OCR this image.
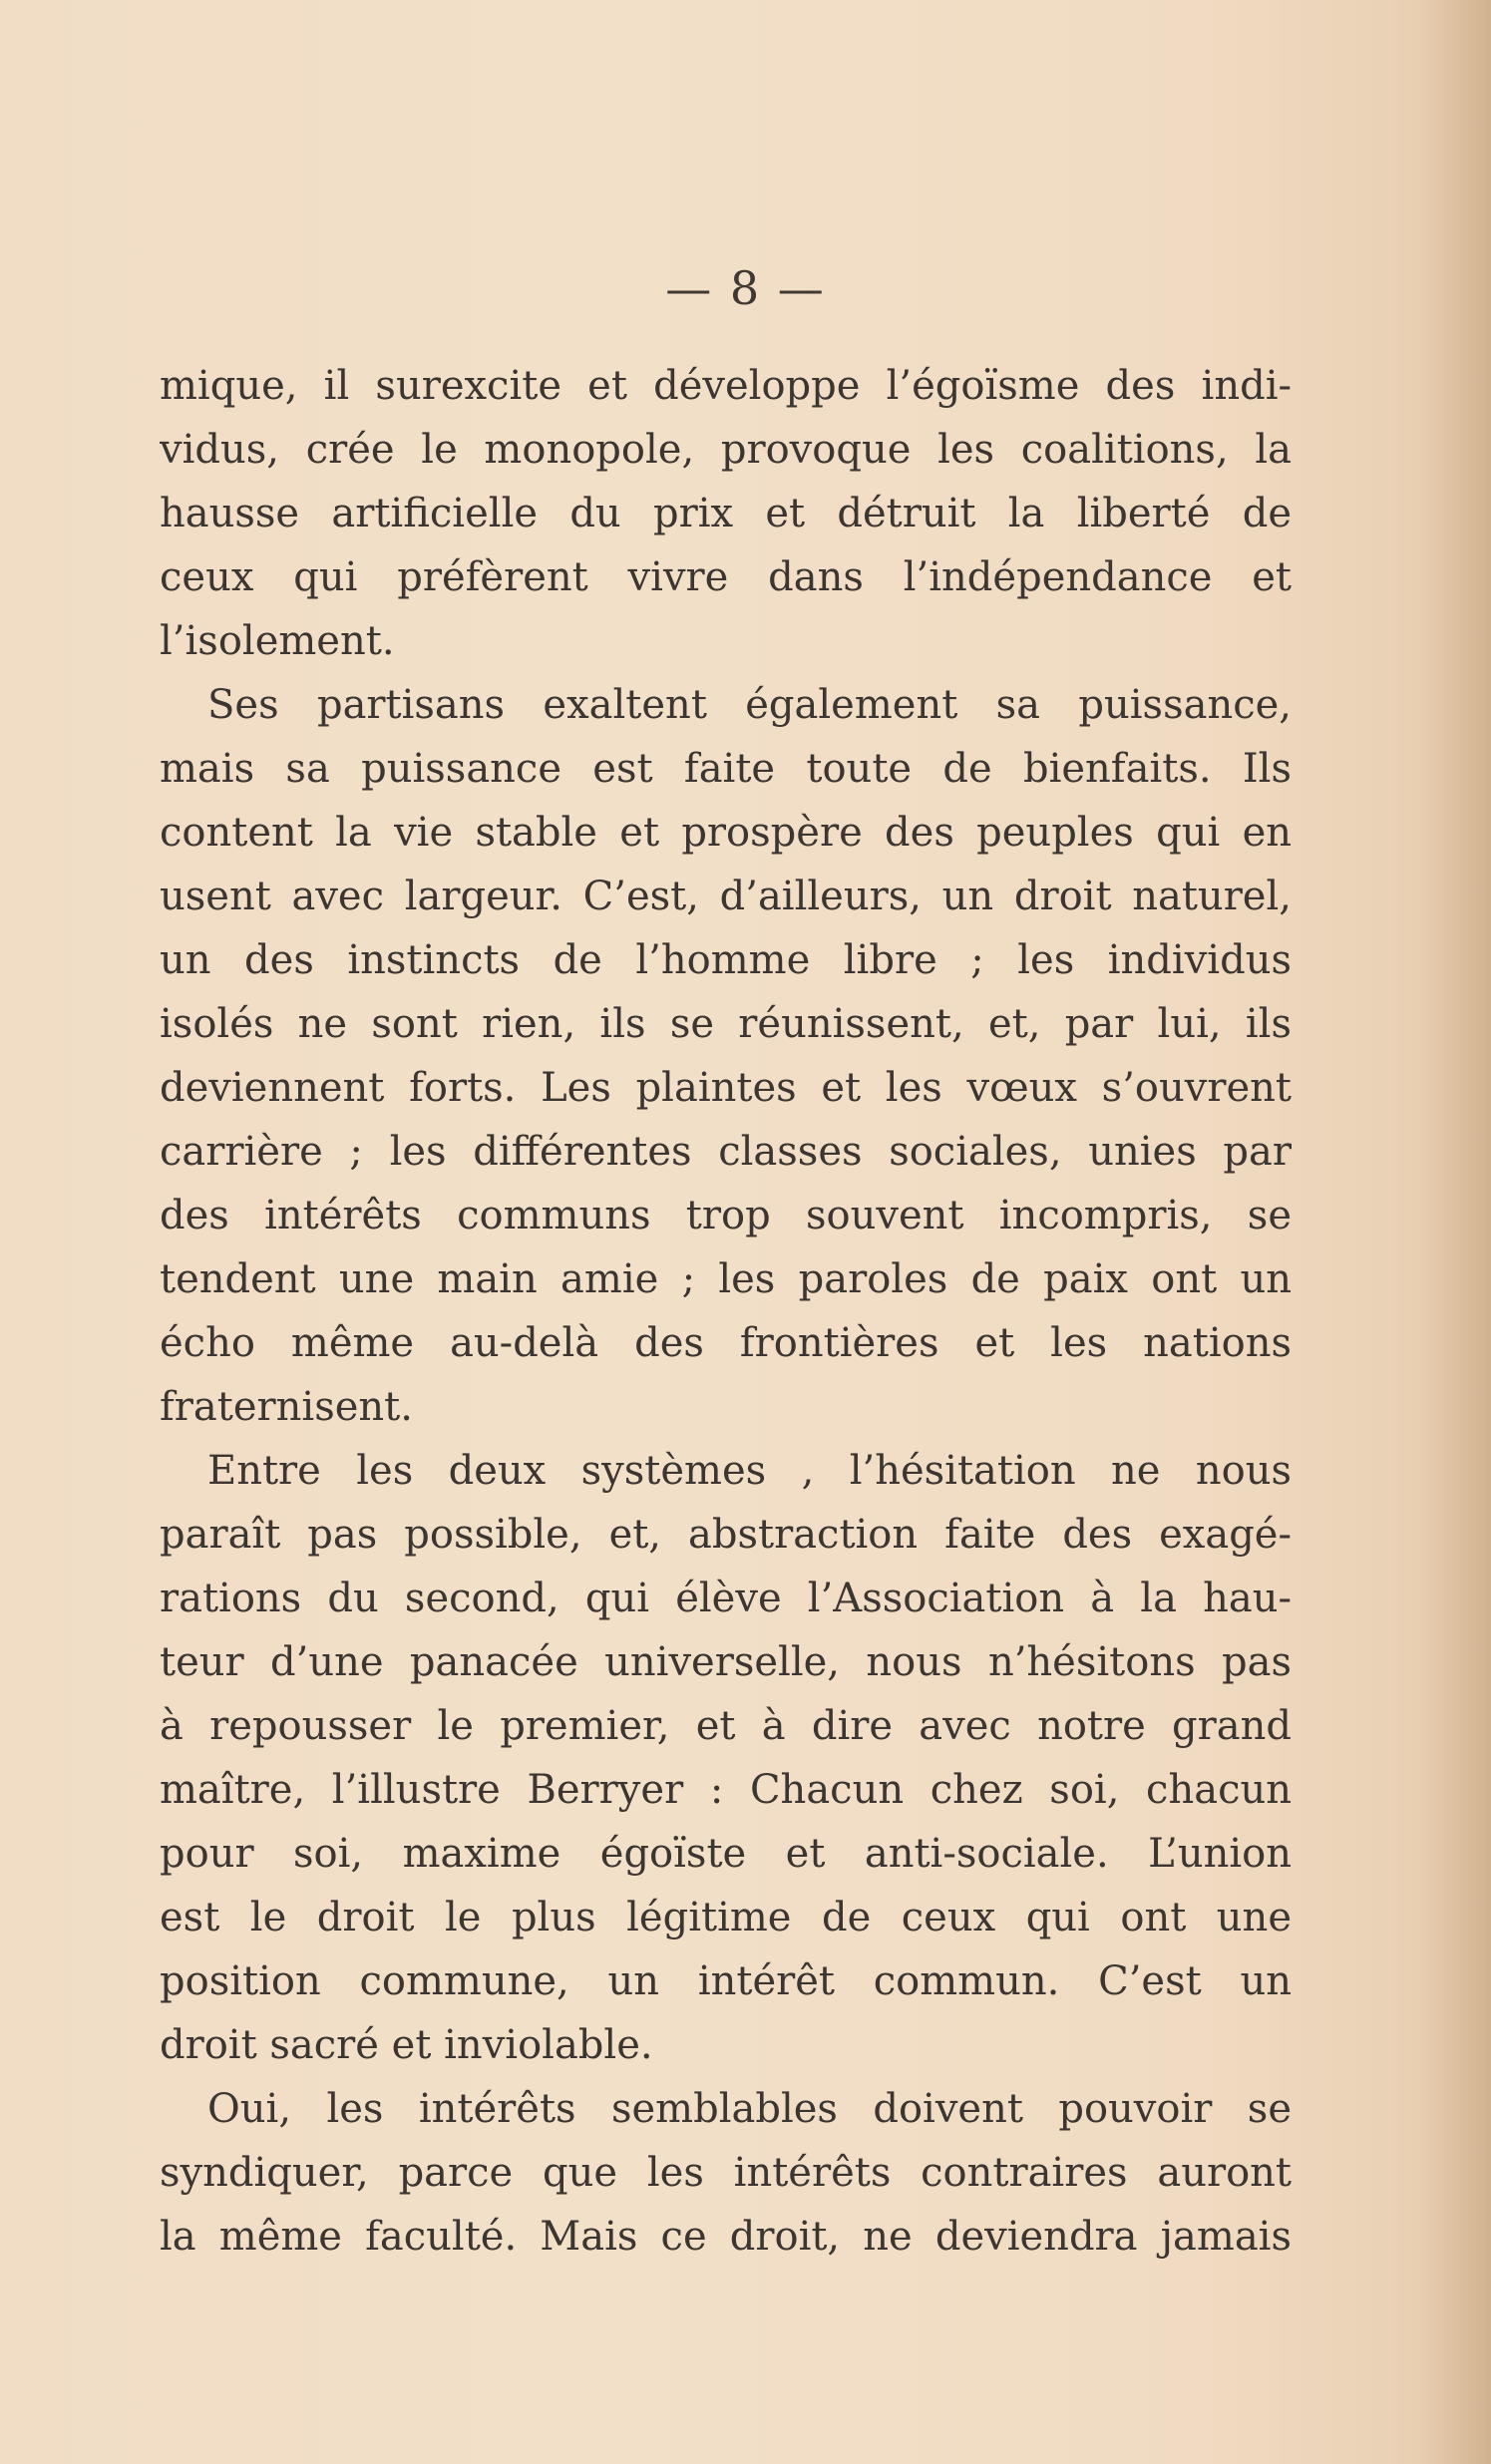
— 8 —
mique, il surexcite et développe l’égoïsme des indi-
vidus, crée le monopole, provoque les coalitions, la
hausse artificielle du prix et détruit la liberté de
ceux qui préfèrent vivre dans l’indépendance et
l’isolement.
Ses partisans exaltent également sa puissance,
mais sa puissance est faite toute de bienfaits. Ils
content la vie stable et prospère des peuples qui en
usent avec largeur. C’est, d’ailleurs, un droit naturel,
un des instincts de l’homme libre ; les individus
isolés ne sont rien, ils se réunissent, et, par lui, ils
deviennent forts. Les plaintes et les vœux s’ouvrent
carrière ; les différentes classes sociales, unies par
des intérêts communs trop souvent incompris, se
tendent une main amie ; les paroles de paix ont un
écho même au-delà des frontières et les nations
fraternisent.
Entre les deux systèmes , l’hésitation ne nous
paraît pas possible, et, abstraction faite des exagé-
rations du second, qui élève l’Association à la hau-
teur d’une panacée universelle, nous n’hésitons pas
à repousser le premier, et à dire avec notre grand
maître, l’illustre Berryer : Chacun chez soi, chacun
pour soi, maxime égoïste et anti-sociale. L’union
est le droit le plus légitime de ceux qui ont une
position commune, un intérêt commun. C’est un
droit sacré et inviolable.
Oui, les intérêts semblables doivent pouvoir se
syndiquer, parce que les intérêts contraires auront
la même faculté. Mais ce droit, ne deviendra jamais
